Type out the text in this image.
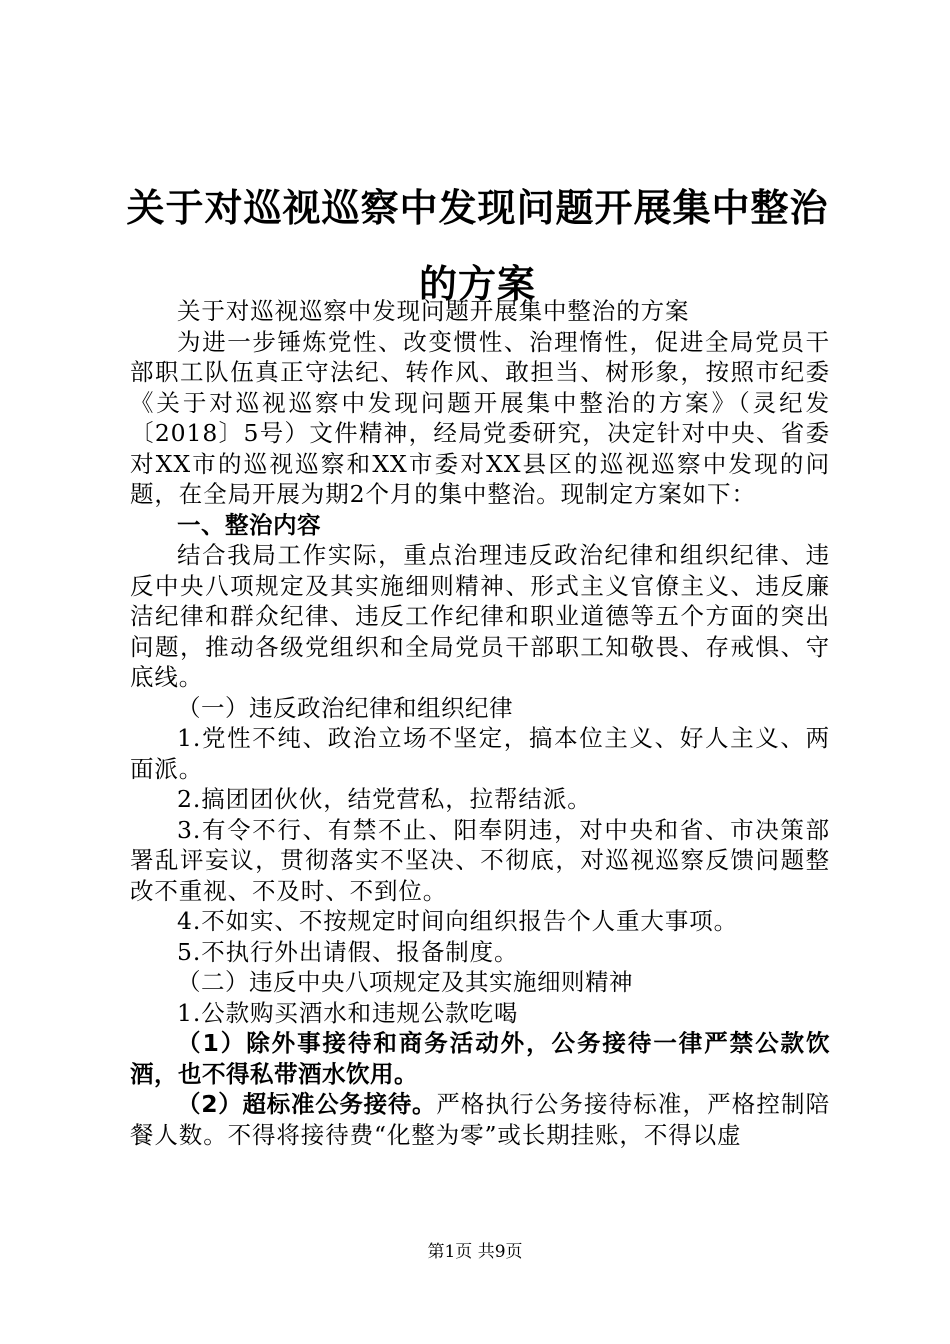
关于对巡视巡察中发现问题开展集中整治的方案

关于对巡视巡察中发现问题开展集中整治的方案

为进一步锤炼党性、改变惯性、治理惰性，促进全局党员干部职工队伍真正守法纪、转作风、敢担当、树形象，按照市纪委《关于对巡视巡察中发现问题开展集中整治的方案》（灵纪发〔2018〕5号）文件精神，经局党委研究，决定针对中央、省委对XX市的巡视巡察和XX市委对XX县区的巡视巡察中发现的问题，在全局开展为期2个月的集中整治。现制定方案如下：

一、整治内容

结合我局工作实际，重点治理违反政治纪律和组织纪律、违反中央八项规定及其实施细则精神、形式主义官僚主义、违反廉洁纪律和群众纪律、违反工作纪律和职业道德等五个方面的突出问题，推动各级党组织和全局党员干部职工知敬畏、存戒惧、守底线。

（一）违反政治纪律和组织纪律

1.党性不纯、政治立场不坚定，搞本位主义、好人主义、两面派。

2.搞团团伙伙，结党营私，拉帮结派。

3.有令不行、有禁不止、阳奉阴违，对中央和省、市决策部署乱评妄议，贯彻落实不坚决、不彻底，对巡视巡察反馈问题整改不重视、不及时、不到位。

4.不如实、不按规定时间向组织报告个人重大事项。

5.不执行外出请假、报备制度。

（二）违反中央八项规定及其实施细则精神

1.公款购买酒水和违规公款吃喝

（1）除外事接待和商务活动外，公务接待一律严禁公款饮酒，也不得私带酒水饮用。

（2）超标准公务接待。严格执行公务接待标准，严格控制陪餐人数。不得将接待费“化整为零”或长期挂账，不得以虚

第1页 共9页
